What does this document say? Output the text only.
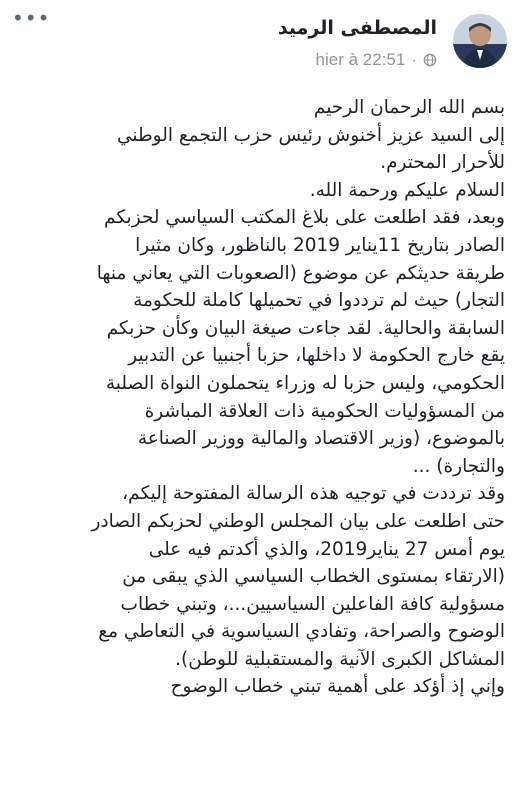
•••	المصطفى الرميد
hier à 22:51 ·
بسم الله الرحمان الرحيم
إلى السيد عزيز أخنوش رئيس حزب التجمع الوطني
للأحرار المحترم.
السلام عليكم ورحمة الله.
وبعد، فقد اطلعت على بلاغ المكتب السياسي لحزبكم
الصادر بتاريخ 11يناير 2019 بالناظور، وكان مثيرا
طريقة حديثكم عن موضوع (الصعوبات التي يعاني منها
التجار) حيث لم ترددوا في تحميلها كاملة للحكومة
السابقة والحالية. لقد جاءت صيغة البيان وكأن حزبكم
يقع خارج الحكومة لا داخلها، حزبا أجنبيا عن التدبير
الحكومي، وليس حزبا له وزراء يتحملون النواة الصلبة
من المسؤوليات الحكومية ذات العلاقة المباشرة
بالموضوع، (وزير الاقتصاد والمالية ووزير الصناعة
والتجارة) ...
وقد ترددت في توجيه هذه الرسالة المفتوحة إليكم،
حتى اطلعت على بيان المجلس الوطني لحزبكم الصادر
يوم أمس 27 يناير2019، والذي أكدتم فيه على
(الارتقاء بمستوى الخطاب السياسي الذي يبقى من
مسؤولية كافة الفاعلين السياسيين...، وتبني خطاب
الوضوح والصراحة، وتفادي السياسوية في التعاطي مع
المشاكل الكبرى الآنية والمستقبلية للوطن).
وإني إذ أؤكد على أهمية تبني خطاب الوضوح
